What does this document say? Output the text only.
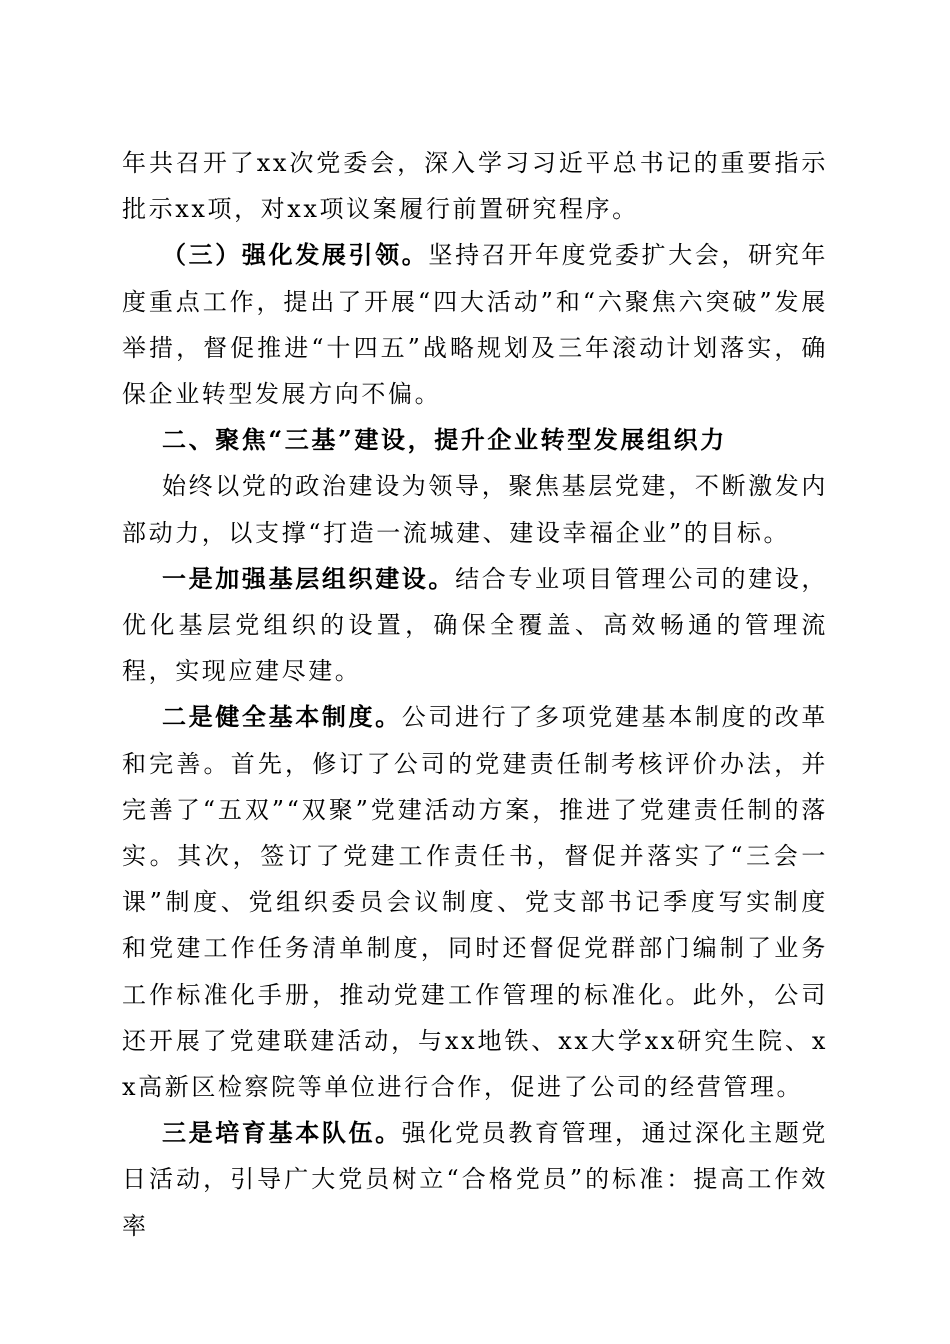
年共召开了xx次党委会，深入学习习近平总书记的重要指示批示xx项，对xx项议案履行前置研究程序。

（三）强化发展引领。坚持召开年度党委扩大会，研究年度重点工作，提出了开展“四大活动”和“六聚焦六突破”发展举措，督促推进“十四五”战略规划及三年滚动计划落实，确保企业转型发展方向不偏。

二、聚焦“三基”建设，提升企业转型发展组织力

始终以党的政治建设为领导，聚焦基层党建，不断激发内部动力，以支撑“打造一流城建、建设幸福企业”的目标。

一是加强基层组织建设。结合专业项目管理公司的建设，优化基层党组织的设置，确保全覆盖、高效畅通的管理流程，实现应建尽建。

二是健全基本制度。公司进行了多项党建基本制度的改革和完善。首先，修订了公司的党建责任制考核评价办法，并完善了“五双”“双聚”党建活动方案，推进了党建责任制的落实。其次，签订了党建工作责任书，督促并落实了“三会一课”制度、党组织委员会议制度、党支部书记季度写实制度和党建工作任务清单制度，同时还督促党群部门编制了业务工作标准化手册，推动党建工作管理的标准化。此外，公司还开展了党建联建活动，与xx地铁、xx大学xx研究生院、xx高新区检察院等单位进行合作，促进了公司的经营管理。

三是培育基本队伍。强化党员教育管理，通过深化主题党日活动，引导广大党员树立“合格党员”的标准：提高工作效率
